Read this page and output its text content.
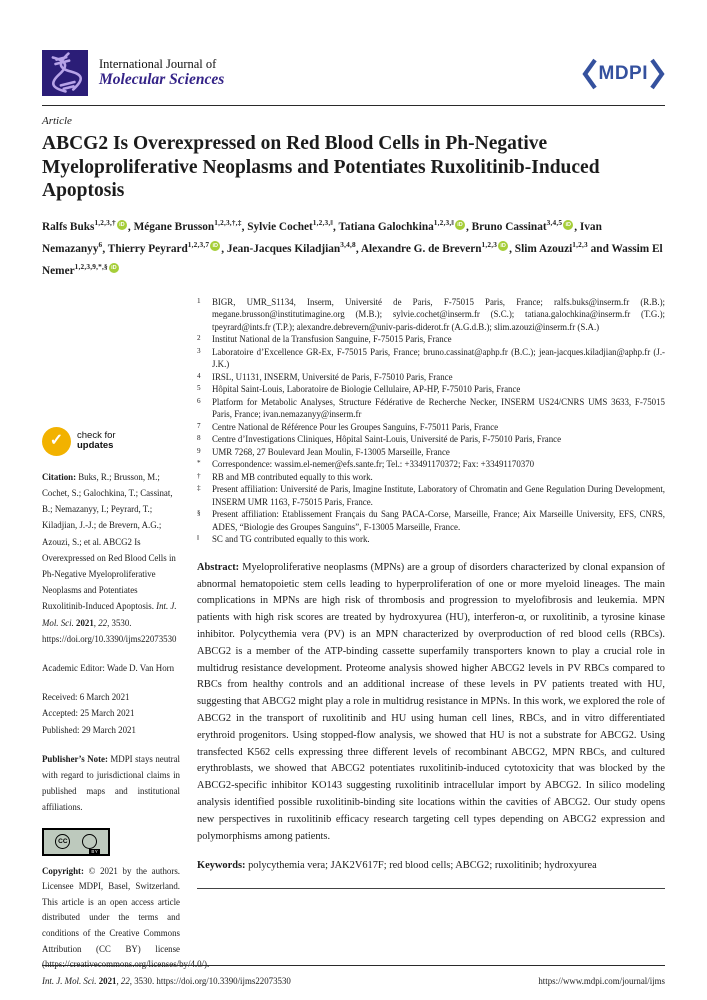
International Journal of
Molecular Sciences	MDPI
Article
ABCG2 Is Overexpressed on Red Blood Cells in Ph-Negative Myeloproliferative Neoplasms and Potentiates Ruxolitinib-Induced Apoptosis
Ralfs Buks$^{1,2,3,\dagger}$ iD , Mégane Brusson$^{1,2,3,\dagger,\ddagger}$, Sylvie Cochet$^{1,2,3,‖}$, Tatiana Galochkina$^{1,2,3,‖}$ iD , Bruno Cassinat$^{3,4,5}$ iD , Ivan Nemazanyy$^6$, Thierry Peyrard$^{1,2,3,7}$ iD , Jean-Jacques Kiladjian$^{3,4,8}$, Alexandre G. de Brevern$^{1,2,3}$ iD , Slim Azouzi$^{1,2,3}$ and Wassim El Nemer$^{1,2,3,9,*,\S}$ iD
✓ check for
updates

Citation: Buks, R.; Brusson, M.; Cochet, S.; Galochkina, T.; Cassinat, B.; Nemazanyy, I.; Peyrard, T.; Kiladjian, J.-J.; de Brevern, A.G.; Azouzi, S.; et al. ABCG2 Is Overexpressed on Red Blood Cells in Ph-Negative Myeloproliferative Neoplasms and Potentiates Ruxolitinib-Induced Apoptosis. Int. J. Mol. Sci. 2021, 22, 3530. https://doi.org/10.3390/ijms22073530

Academic Editor: Wade D. Van Horn

Received: 6 March 2021
Accepted: 25 March 2021
Published: 29 March 2021

Publisher’s Note: MDPI stays neutral with regard to jurisdictional claims in published maps and institutional affiliations.

CC
BY

Copyright: © 2021 by the authors. Licensee MDPI, Basel, Switzerland. This article is an open access article distributed under the terms and conditions of the Creative Commons Attribution (CC BY) license (https://creativecommons.org/licenses/by/4.0/).

1	BIGR, UMR_S1134, Inserm, Université de Paris, F-75015 Paris, France; ralfs.buks@inserm.fr (R.B.); megane.brusson@institutimagine.org (M.B.); sylvie.cochet@inserm.fr (S.C.); tatiana.galochkina@inserm.fr (T.G.); tpeyrard@ints.fr (T.P.); alexandre.debrevern@univ-paris-diderot.fr (A.G.d.B.); slim.azouzi@inserm.fr (S.A.)
2	Institut National de la Transfusion Sanguine, F-75015 Paris, France
3	Laboratoire d’Excellence GR-Ex, F-75015 Paris, France; bruno.cassinat@aphp.fr (B.C.); jean-jacques.kiladjian@aphp.fr (J.-J.K.)
4	IRSL, U1131, INSERM, Université de Paris, F-75010 Paris, France
5	Hôpital Saint-Louis, Laboratoire de Biologie Cellulaire, AP-HP, F-75010 Paris, France
6	Platform for Metabolic Analyses, Structure Fédérative de Recherche Necker, INSERM US24/CNRS UMS 3633, F-75015 Paris, France; ivan.nemazanyy@inserm.fr
7	Centre National de Référence Pour les Groupes Sanguins, F-75011 Paris, France
8	Centre d’Investigations Cliniques, Hôpital Saint-Louis, Université de Paris, F-75010 Paris, France
9	UMR 7268, 27 Boulevard Jean Moulin, F-13005 Marseille, France
*	Correspondence: wassim.el-nemer@efs.sante.fr; Tel.: +33491170372; Fax: +33491170370
†	RB and MB contributed equally to this work.
‡	Present affiliation: Université de Paris, Imagine Institute, Laboratory of Chromatin and Gene Regulation During Development, INSERM UMR 1163, F-75015 Paris, France.
§	Present affiliation: Etablissement Français du Sang PACA-Corse, Marseille, France; Aix Marseille University, EFS, CNRS, ADES, “Biologie des Groupes Sanguins”, F-13005 Marseille, France.
‖	SC and TG contributed equally to this work.

Abstract: Myeloproliferative neoplasms (MPNs) are a group of disorders characterized by clonal expansion of abnormal hematopoietic stem cells leading to hyperproliferation of one or more myeloid lineages. The main complications in MPNs are high risk of thrombosis and progression to myelofibrosis and leukemia. MPN patients with high risk scores are treated by hydroxyurea (HU), interferon-α, or ruxolitinib, a tyrosine kinase inhibitor. Polycythemia vera (PV) is an MPN characterized by overproduction of red blood cells (RBCs). ABCG2 is a member of the ATP-binding cassette superfamily transporters known to play a crucial role in multidrug resistance development. Proteome analysis showed higher ABCG2 levels in PV RBCs compared to RBCs from healthy controls and an additional increase of these levels in PV patients treated with HU, suggesting that ABCG2 might play a role in multidrug resistance in MPNs. In this work, we explored the role of ABCG2 in the transport of ruxolitinib and HU using human cell lines, RBCs, and in vitro differentiated erythroid progenitors. Using stopped-flow analysis, we showed that HU is not a substrate for ABCG2. Using transfected K562 cells expressing three different levels of recombinant ABCG2, MPN RBCs, and cultured erythroblasts, we showed that ABCG2 potentiates ruxolitinib-induced cytotoxicity that was blocked by the ABCG2-specific inhibitor KO143 suggesting ruxolitinib intracellular import by ABCG2. In silico modeling analysis identified possible ruxolitinib-binding site locations within the cavities of ABCG2. Our study opens new perspectives in ruxolitinib efficacy research targeting cell types depending on ABCG2 expression and polymorphisms among patients.

Keywords: polycythemia vera; JAK2V617F; red blood cells; ABCG2; ruxolitinib; hydroxyurea

Int. J. Mol. Sci. 2021, 22, 3530. https://doi.org/10.3390/ijms22073530	https://www.mdpi.com/journal/ijms
